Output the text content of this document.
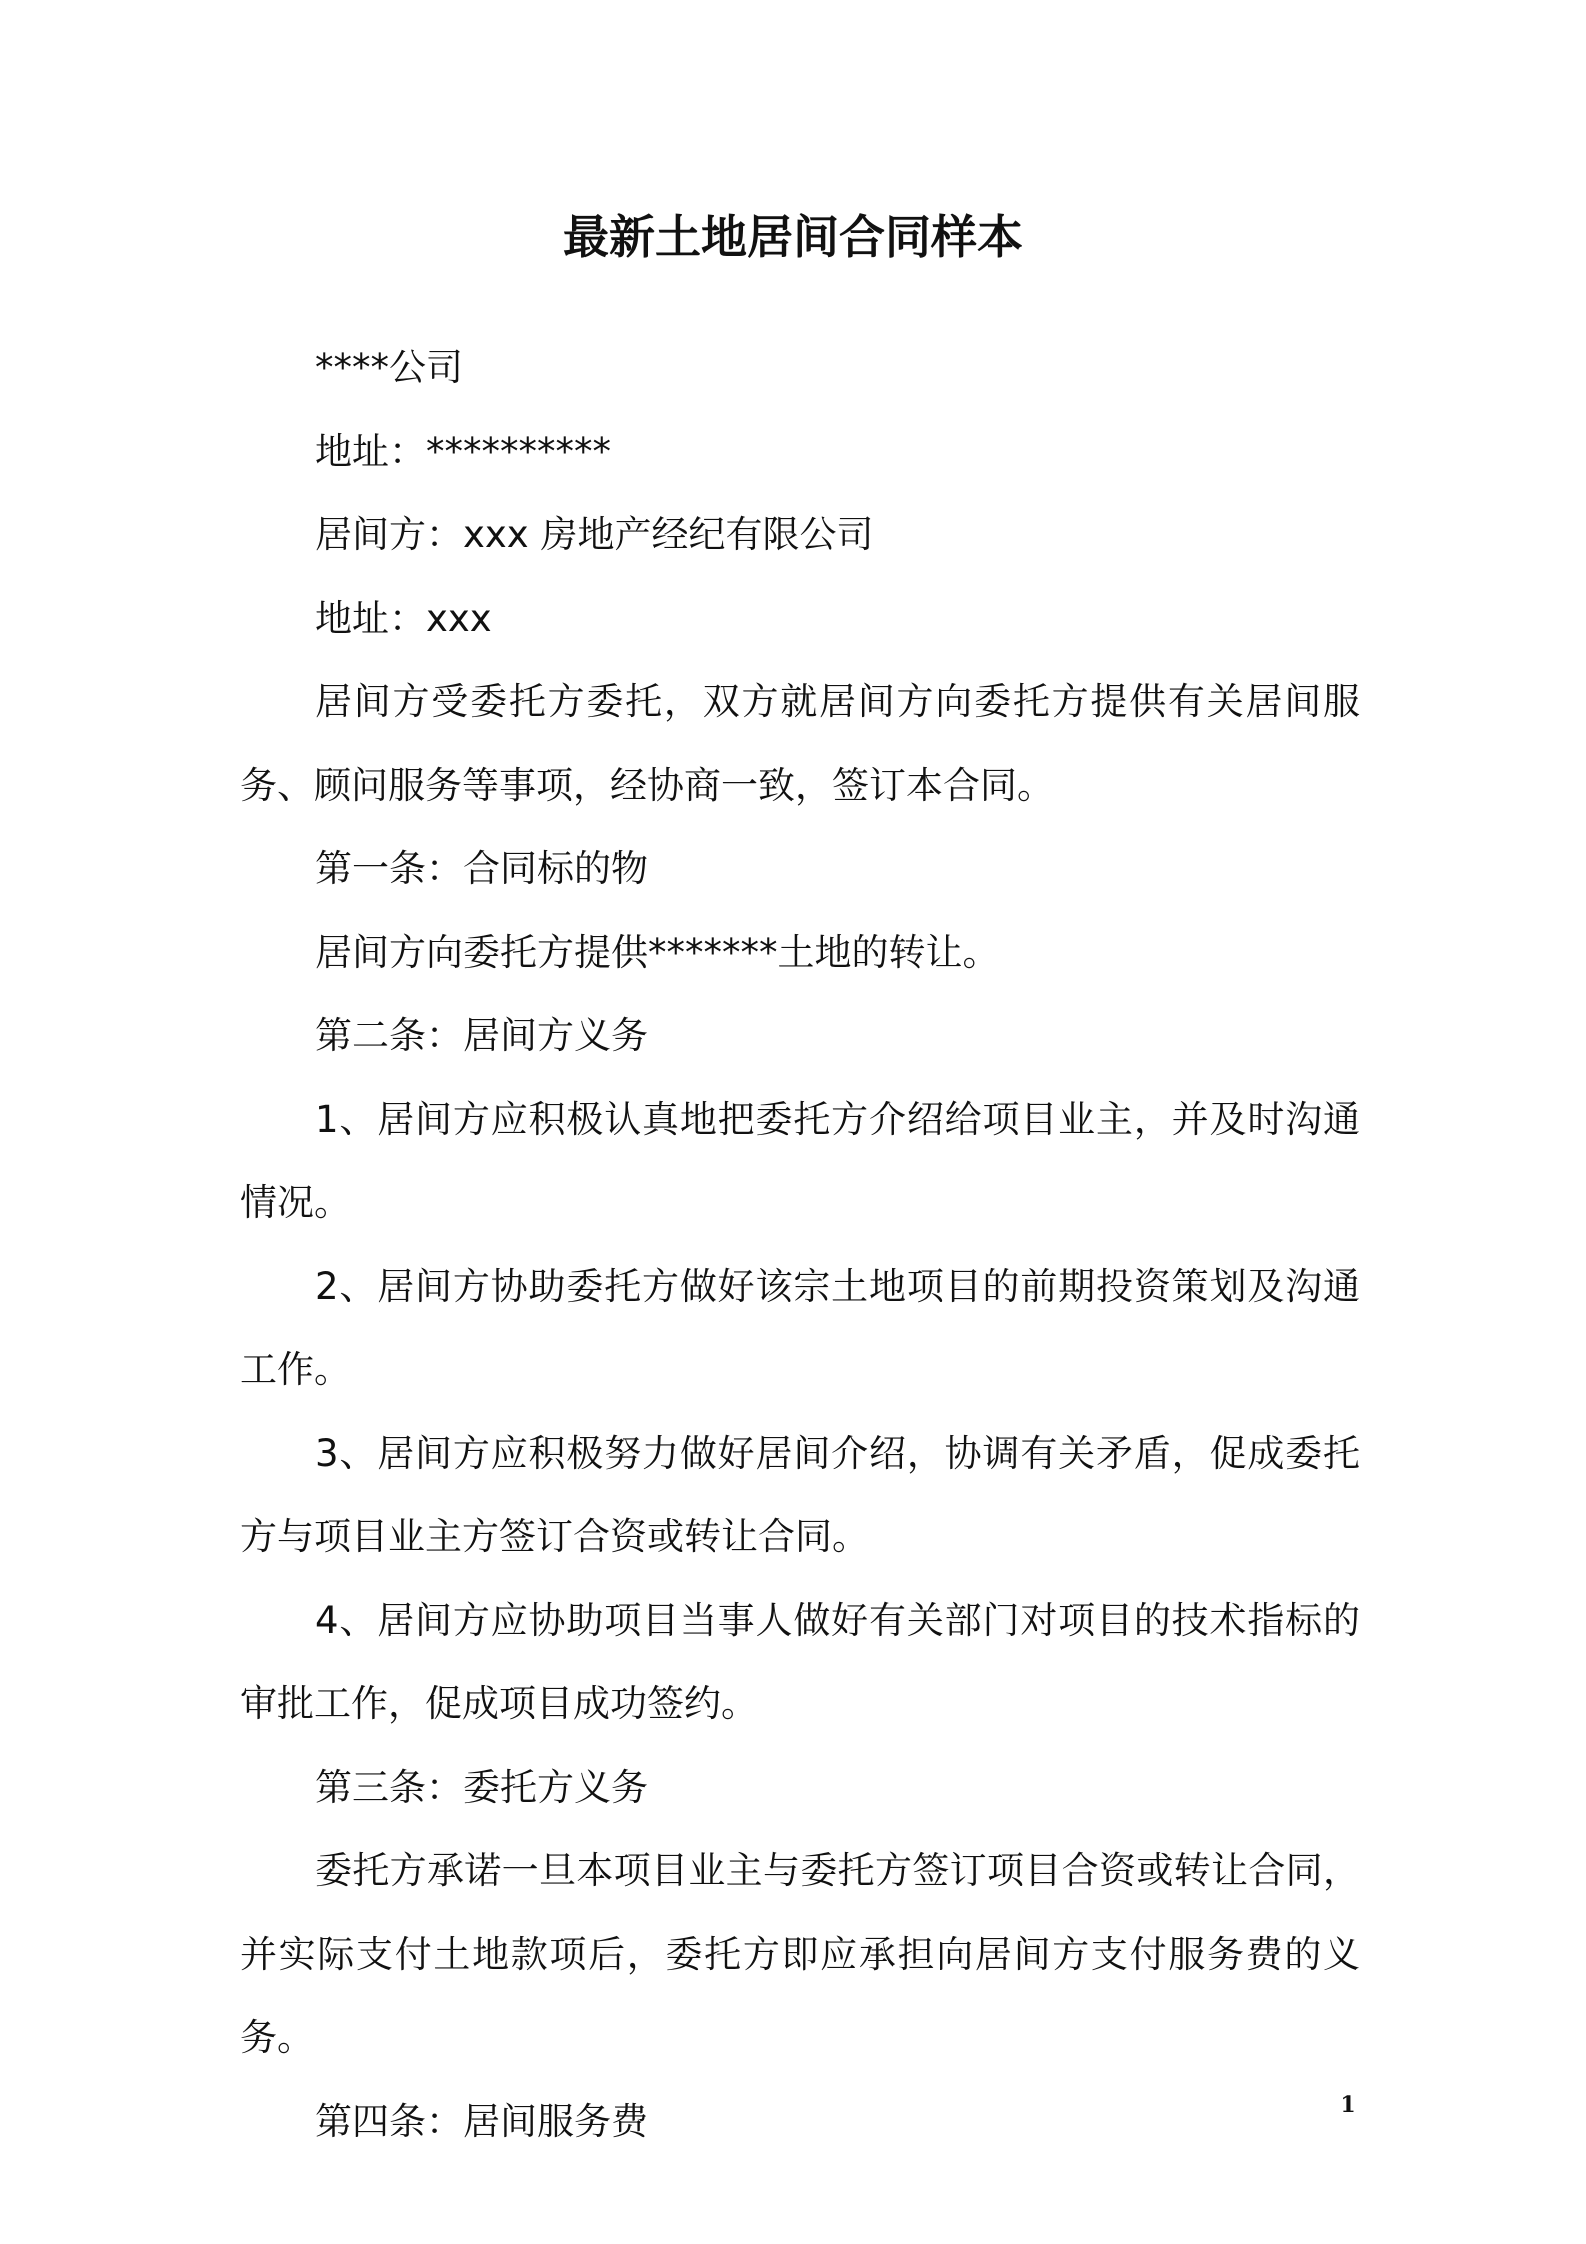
最新土地居间合同样本

****公司

地址：**********

居间方：xxx 房地产经纪有限公司

地址：xxx

居间方受委托方委托，双方就居间方向委托方提供有关居间服务、顾问服务等事项，经协商一致，签订本合同。

第一条：合同标的物

居间方向委托方提供*******土地的转让。

第二条：居间方义务

1、居间方应积极认真地把委托方介绍给项目业主，并及时沟通情况。

2、居间方协助委托方做好该宗土地项目的前期投资策划及沟通工作。

3、居间方应积极努力做好居间介绍，协调有关矛盾，促成委托方与项目业主方签订合资或转让合同。

4、居间方应协助项目当事人做好有关部门对项目的技术指标的审批工作，促成项目成功签约。

第三条：委托方义务

委托方承诺一旦本项目业主与委托方签订项目合资或转让合同，并实际支付土地款项后，委托方即应承担向居间方支付服务费的义务。

第四条：居间服务费	1
